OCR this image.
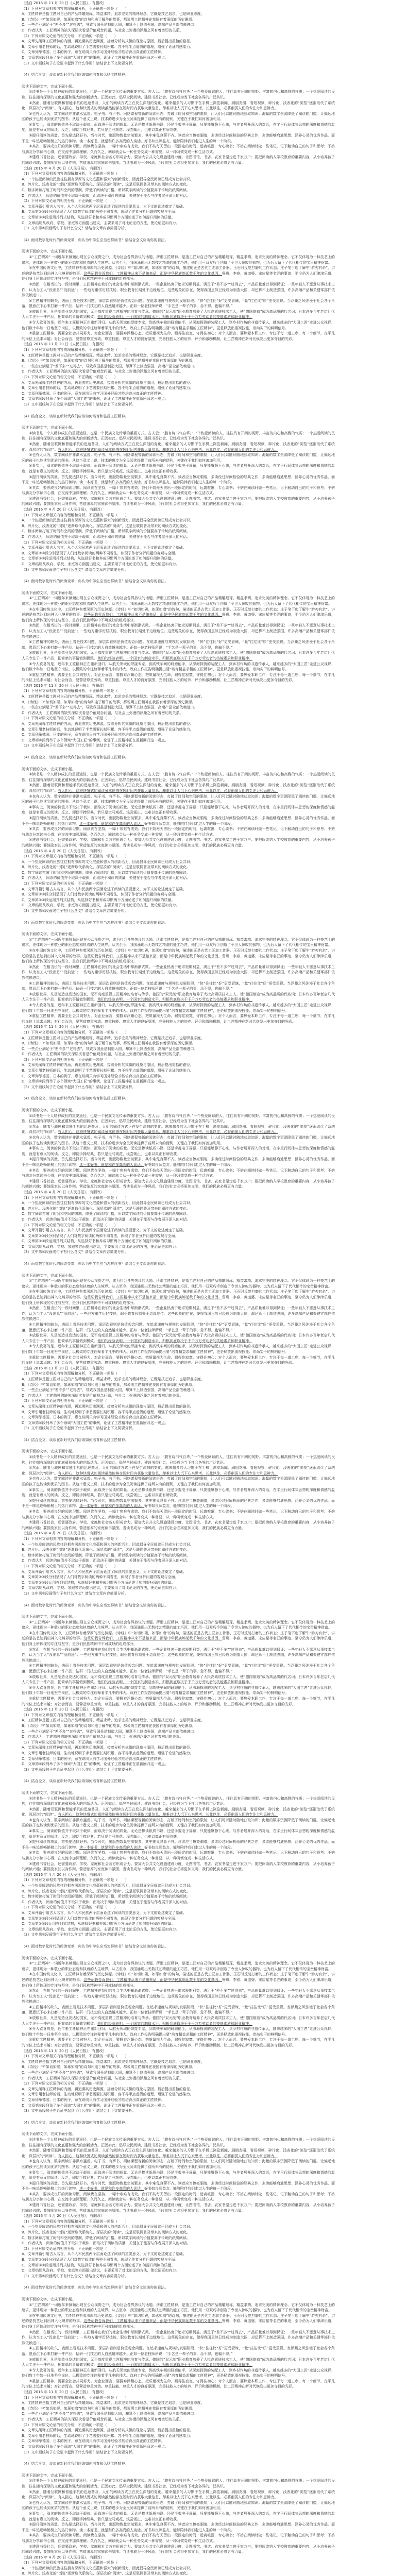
（选自 2016 年 11 月 20 日《人民日报》，有删改）

（1）下列对文章相关内容的理解和分析，不正确的一项是（　　）

A．工匠精神是指工匠对自己的产品精雕细琢、精益求精、追求完美的精神理念，它既是技艺追求，也是职业态度。

B．《诗经》中“如切如磋，如琢如磨”的诗句和庖丁解牛的故事，都说明工匠精神在我国有着深厚的历史渊源。

C．一些企业满足于“差不多”“过得去”，导致我国虽是制造大国，却算不上制造强国，高端产品全部依赖进口。

D．作者认为，工匠精神的缺失深层次看是价值观念问题，与社会上弥漫的浮躁之风有着密切的关系。

（2）下列对原文论证的相关分析，不正确的一项是（　　）

A．文章先阐释工匠精神的内涵，再追溯其历史渊源，接着分析其式微的现象与原因，最后提出重拾的路径。

B．文章引用老技师的话，生动地说明了手艺需要长期积累、容不得半点虚假的道理，增强了论证的感染力。

C．文章列举德国、日本的例子，意在说明只有学习国外经验才能培育出真正的工匠精神。

D．文章第⑥段列举了多个领域“大国工匠”的事例，论证了工匠精神正在重新回归这一观点。

（3）文中画线句子在论证中起到了什么作用？请结合上下文简要分析。

（4）结合全文，谈谈在新时代我们应该如何培育和弘扬工匠精神。

阅读下面的文字，完成下面小题。

①读书是一个人精神成长的重要途径，也是一个民族文化传承的重要方式。古人云：“腹有诗书气自华。”一个热爱阅读的人，往往具有开阔的视野、丰富的内心和高雅的气质；一个热爱阅读的民族，往往拥有深厚的文化底蕴和强大的创新活力。正因如此，倡导全民阅读、建设书香社会，已经成为当下社会各界的广泛共识。

②然而，随着互联网和智能手机的迅速普及，人们的阅读方式正在发生深刻的变化。越来越多的人习惯于在手机上浏览新闻、刷朋友圈、看短视频，碎片化、浅表化的“浏览”逐渐取代了系统化、深层次的“阅读”。有人担心，这种快餐式的阅读虽然能够在短时间内获取大量信息，却难以让人沉下心来思考，长此以往，必将削弱人们的专注力和思辨力。

③也有人认为，数字阅读并非洪水猛兽。电子书、有声书、网络课程等新的阅读形态，打破了时间和空间的限制，让人们可以随时随地获取知识；海量的数字资源降低了阅读的门槛，让偏远地区的孩子也能读到优质的图书。从这个意义上说，技术的进步为全民阅读提供了前所未有的便利，关键在于我们如何善加利用。

④事实上，阅读的价值并不取决于载体，而取决于阅读的质量。无论是捧读纸质书籍，还是手握电子屏幕，只要能够静下心来，与作者展开深入的对话，在字里行间体味思想的深度和情感的温度，就是有意义的阅读。反之，即便手捧经典，若只是走马观花、浅尝辄止，也难以真正有所收获。

⑤提升阅读的质量，首先要选择好书。当今时代，出版物数量空前繁多，其中难免良莠不齐。读者应当擦亮眼睛，多读经过时间检验的经典之作，多读能够启迪思想、涵养心灵的优秀作品，而不是一味追逐畅销榜上的热门读物。读一本好书，就是和许多高尚的人谈话。好书如良师益友，能够陪伴我们走过人生的每一个阶段。

⑥其次，要养成良好的阅读习惯。阅读贵在坚持，一曝十寒难有成效。我们不妨每天留出一段固定的时间，远离喧嚣，专心读书；不妨在阅读时做一些笔记，记下触动自己的句子和思考；不妨与朋友分享读书心得，在交流中加深理解。久而久之，阅读就会从一种任务变成一种需要，从一种习惯变成一种生活方式。

⑦建设书香社会，还需要政府、学校、家庭和社会各方形成合力。要加大公共文化设施建设力度，让图书馆、书店、农家书屋走进千家万户；要把阅读纳入学校教育的重要内容，从小培养孩子的阅读兴趣；要鼓励家长以身作则，营造浓厚的家庭读书氛围。当读书成为一种风尚，我们的社会必将更加文明，我们的民族必将更有力量。

（选自 2016 年 4 月 20 日《人民日报》，有删改）

（1）下列对文章相关内容的理解和分析，不正确的一项是（　　）

A．一个热爱阅读的民族往往拥有深厚的文化底蕴和强大的创新活力，因此倡导全民阅读已经成为社会共识。

B．碎片化、浅表化的“浏览”逐渐取代系统化、深层次的“阅读”，这是互联网普及带来的阅读方式的变化。

C．数字阅读打破了时间和空间的限制，降低了阅读的门槛，所以数字阅读的价值要高于传统的纸质阅读。

D．作者认为，阅读的价值并不取决于载体，而取决于阅读的质量，关键在于能否与作者展开深入的对话。

（2）下列对原文论证的相关分析，不正确的一项是（　　）

A．文章开篇引用古人名言，从个人和民族两个层面论述了阅读的重要意义，为下文的论述奠定了基础。

B．文章第②③段分别呈现了人们对数字阅读的两种不同看法，体现了作者分析问题的客观与全面。

C．文章第⑤⑥段运用并列式结构，从选择好书和养成习惯两个方面论述了如何提升阅读的质量。

D．文章结尾从政府、学校、家庭等方面提出建议，主要采用了对比论证的方法，使论证更加有力。

（3）文中第⑤段画线句子有什么含义？请结合文章内容简要分析。

（4）面对数字化时代的阅读变革，你认为中学生应当怎样读书？请结合全文谈谈你的看法。

阅读下面的文字，完成下面小题。

①“工匠精神”一词近年来频频出现在公众视野之中，成为社会各界热议的话题。所谓工匠精神，是指工匠对自己的产品精雕细琢、精益求精、追求完美的精神理念。它不仅体现为一种技艺上的追求，更体现为一种敬业的职业态度和执着的人生境界。从古至今，我国涌现出无数技艺精湛的能工巧匠，他们用一双双巧手创造了令世人惊叹的器物，也为后人留下了代代相传的宝贵精神财富。

②在中国传统文化中，工匠精神有着深厚的历史渊源。《诗经》中“如切如磋，如琢如磨”的诗句，描述的正是古代工匠加工骨器、玉石时反复打磨的工作状态；庄子笔下庖丁解牛“游刃有余”，讲述的是技艺达到出神入化境界的故事。这些记载告诉我们，工匠精神从来不是舶来品，而是中华民族绵延数千年的文化基因。鲁班、李春、黄道婆、宋应星等名匠的事迹，至今仍为人们津津乐道，他们身上所体现的专注与坚守，是我们民族精神中不可或缺的组成部分。

③然而，在相当长的一段时间里，工匠精神在我们的社会生活中却渐渐式微。一些企业热衷于追求短期利益，满足于“差不多”“过得去”，产品质量难以得到保证；一些年轻人不愿意从事技术工作，认为当工人“没出息”“没前途”；一些地方重学历轻技能，职业教育长期处于边缘地位。这些现象的存在，使得我国虽然已经成为制造大国，却还算不上制造强国，许多高端产品和关键零部件依然依赖进口。

④工匠精神的缺失，表面上看是技术问题，深层次看则是价值观念问题。在追求速度与规模的发展阶段，“快”往往比“好”更受青睐，“量”往往比“质”更受重视。当浮躁之风弥漫于社会各个角落，愿意沉下心来打磨一件产品、钻研一门技艺的人自然越来越少。正如一位老技师所说：“手艺是一辈子的事，急不得，也骗不得。”

⑤放眼世界，凡是制造业发达的国家，无不高度重视工匠精神的培育与传承。德国的“双元制”职业教育培养了大批高素质技术工人，使“德国制造”成为高品质的代名词；日本许多百年老店几代人只专注于一件产品，把简单的事情做到极致。他们的经验表明，一个国家的制造水平，归根到底取决于千千万万劳动者的技能素质和职业精神。

⑥令人欣喜的是，近年来工匠精神正在重新回归。从航天领域的焊接专家，到高铁车间的研磨能手，从深海探测的装配工人，到乡村作坊的非遗传承人，越来越多的“大国工匠”走进公众视野，他们数十年如一日地坚守岗位，以极致的专注诠释着平凡中的伟大。政府工作报告明确提出要“培育精益求精的工匠精神”，更是释放出重视技能、崇尚实干的鲜明信号。

⑦重拾工匠精神，需要全社会共同努力。对企业而言，要摒弃浮躁心态，把质量视为生命，耐得住寂寞，守得住初心；对个人而言，要热爱本职工作，专注于每一道工序、每一个细节，在平凡的岗位上追求卓越；对社会而言，要营造尊重劳动、尊重技能、尊重人才的良好氛围，完善技能人才的培养、评价和激励机制，让工匠精神在新时代焕发出更加夺目的光彩。

（选自 2016 年 11 月 20 日《人民日报》，有删改）

（1）下列对文章相关内容的理解和分析，不正确的一项是（　　）

A．工匠精神是指工匠对自己的产品精雕细琢、精益求精、追求完美的精神理念，它既是技艺追求，也是职业态度。

B．《诗经》中“如切如磋，如琢如磨”的诗句和庖丁解牛的故事，都说明工匠精神在我国有着深厚的历史渊源。

C．一些企业满足于“差不多”“过得去”，导致我国虽是制造大国，却算不上制造强国，高端产品全部依赖进口。

D．作者认为，工匠精神的缺失深层次看是价值观念问题，与社会上弥漫的浮躁之风有着密切的关系。

（2）下列对原文论证的相关分析，不正确的一项是（　　）

A．文章先阐释工匠精神的内涵，再追溯其历史渊源，接着分析其式微的现象与原因，最后提出重拾的路径。

B．文章引用老技师的话，生动地说明了手艺需要长期积累、容不得半点虚假的道理，增强了论证的感染力。

C．文章列举德国、日本的例子，意在说明只有学习国外经验才能培育出真正的工匠精神。

D．文章第⑥段列举了多个领域“大国工匠”的事例，论证了工匠精神正在重新回归这一观点。

（3）文中画线句子在论证中起到了什么作用？请结合上下文简要分析。

（4）结合全文，谈谈在新时代我们应该如何培育和弘扬工匠精神。

阅读下面的文字，完成下面小题。

①读书是一个人精神成长的重要途径，也是一个民族文化传承的重要方式。古人云：“腹有诗书气自华。”一个热爱阅读的人，往往具有开阔的视野、丰富的内心和高雅的气质；一个热爱阅读的民族，往往拥有深厚的文化底蕴和强大的创新活力。正因如此，倡导全民阅读、建设书香社会，已经成为当下社会各界的广泛共识。

②然而，随着互联网和智能手机的迅速普及，人们的阅读方式正在发生深刻的变化。越来越多的人习惯于在手机上浏览新闻、刷朋友圈、看短视频，碎片化、浅表化的“浏览”逐渐取代了系统化、深层次的“阅读”。有人担心，这种快餐式的阅读虽然能够在短时间内获取大量信息，却难以让人沉下心来思考，长此以往，必将削弱人们的专注力和思辨力。

③也有人认为，数字阅读并非洪水猛兽。电子书、有声书、网络课程等新的阅读形态，打破了时间和空间的限制，让人们可以随时随地获取知识；海量的数字资源降低了阅读的门槛，让偏远地区的孩子也能读到优质的图书。从这个意义上说，技术的进步为全民阅读提供了前所未有的便利，关键在于我们如何善加利用。

④事实上，阅读的价值并不取决于载体，而取决于阅读的质量。无论是捧读纸质书籍，还是手握电子屏幕，只要能够静下心来，与作者展开深入的对话，在字里行间体味思想的深度和情感的温度，就是有意义的阅读。反之，即便手捧经典，若只是走马观花、浅尝辄止，也难以真正有所收获。

⑤提升阅读的质量，首先要选择好书。当今时代，出版物数量空前繁多，其中难免良莠不齐。读者应当擦亮眼睛，多读经过时间检验的经典之作，多读能够启迪思想、涵养心灵的优秀作品，而不是一味追逐畅销榜上的热门读物。读一本好书，就是和许多高尚的人谈话。好书如良师益友，能够陪伴我们走过人生的每一个阶段。

⑥其次，要养成良好的阅读习惯。阅读贵在坚持，一曝十寒难有成效。我们不妨每天留出一段固定的时间，远离喧嚣，专心读书；不妨在阅读时做一些笔记，记下触动自己的句子和思考；不妨与朋友分享读书心得，在交流中加深理解。久而久之，阅读就会从一种任务变成一种需要，从一种习惯变成一种生活方式。

⑦建设书香社会，还需要政府、学校、家庭和社会各方形成合力。要加大公共文化设施建设力度，让图书馆、书店、农家书屋走进千家万户；要把阅读纳入学校教育的重要内容，从小培养孩子的阅读兴趣；要鼓励家长以身作则，营造浓厚的家庭读书氛围。当读书成为一种风尚，我们的社会必将更加文明，我们的民族必将更有力量。

（选自 2016 年 4 月 20 日《人民日报》，有删改）

（1）下列对文章相关内容的理解和分析，不正确的一项是（　　）

A．一个热爱阅读的民族往往拥有深厚的文化底蕴和强大的创新活力，因此倡导全民阅读已经成为社会共识。

B．碎片化、浅表化的“浏览”逐渐取代系统化、深层次的“阅读”，这是互联网普及带来的阅读方式的变化。

C．数字阅读打破了时间和空间的限制，降低了阅读的门槛，所以数字阅读的价值要高于传统的纸质阅读。

D．作者认为，阅读的价值并不取决于载体，而取决于阅读的质量，关键在于能否与作者展开深入的对话。

（2）下列对原文论证的相关分析，不正确的一项是（　　）

A．文章开篇引用古人名言，从个人和民族两个层面论述了阅读的重要意义，为下文的论述奠定了基础。

B．文章第②③段分别呈现了人们对数字阅读的两种不同看法，体现了作者分析问题的客观与全面。

C．文章第⑤⑥段运用并列式结构，从选择好书和养成习惯两个方面论述了如何提升阅读的质量。

D．文章结尾从政府、学校、家庭等方面提出建议，主要采用了对比论证的方法，使论证更加有力。

（3）文中第⑤段画线句子有什么含义？请结合文章内容简要分析。

（4）面对数字化时代的阅读变革，你认为中学生应当怎样读书？请结合全文谈谈你的看法。

阅读下面的文字，完成下面小题。

①“工匠精神”一词近年来频频出现在公众视野之中，成为社会各界热议的话题。所谓工匠精神，是指工匠对自己的产品精雕细琢、精益求精、追求完美的精神理念。它不仅体现为一种技艺上的追求，更体现为一种敬业的职业态度和执着的人生境界。从古至今，我国涌现出无数技艺精湛的能工巧匠，他们用一双双巧手创造了令世人惊叹的器物，也为后人留下了代代相传的宝贵精神财富。

②在中国传统文化中，工匠精神有着深厚的历史渊源。《诗经》中“如切如磋，如琢如磨”的诗句，描述的正是古代工匠加工骨器、玉石时反复打磨的工作状态；庄子笔下庖丁解牛“游刃有余”，讲述的是技艺达到出神入化境界的故事。这些记载告诉我们，工匠精神从来不是舶来品，而是中华民族绵延数千年的文化基因。鲁班、李春、黄道婆、宋应星等名匠的事迹，至今仍为人们津津乐道，他们身上所体现的专注与坚守，是我们民族精神中不可或缺的组成部分。

③然而，在相当长的一段时间里，工匠精神在我们的社会生活中却渐渐式微。一些企业热衷于追求短期利益，满足于“差不多”“过得去”，产品质量难以得到保证；一些年轻人不愿意从事技术工作，认为当工人“没出息”“没前途”；一些地方重学历轻技能，职业教育长期处于边缘地位。这些现象的存在，使得我国虽然已经成为制造大国，却还算不上制造强国，许多高端产品和关键零部件依然依赖进口。

④工匠精神的缺失，表面上看是技术问题，深层次看则是价值观念问题。在追求速度与规模的发展阶段，“快”往往比“好”更受青睐，“量”往往比“质”更受重视。当浮躁之风弥漫于社会各个角落，愿意沉下心来打磨一件产品、钻研一门技艺的人自然越来越少。正如一位老技师所说：“手艺是一辈子的事，急不得，也骗不得。”

⑤放眼世界，凡是制造业发达的国家，无不高度重视工匠精神的培育与传承。德国的“双元制”职业教育培养了大批高素质技术工人，使“德国制造”成为高品质的代名词；日本许多百年老店几代人只专注于一件产品，把简单的事情做到极致。他们的经验表明，一个国家的制造水平，归根到底取决于千千万万劳动者的技能素质和职业精神。

⑥令人欣喜的是，近年来工匠精神正在重新回归。从航天领域的焊接专家，到高铁车间的研磨能手，从深海探测的装配工人，到乡村作坊的非遗传承人，越来越多的“大国工匠”走进公众视野，他们数十年如一日地坚守岗位，以极致的专注诠释着平凡中的伟大。政府工作报告明确提出要“培育精益求精的工匠精神”，更是释放出重视技能、崇尚实干的鲜明信号。

⑦重拾工匠精神，需要全社会共同努力。对企业而言，要摒弃浮躁心态，把质量视为生命，耐得住寂寞，守得住初心；对个人而言，要热爱本职工作，专注于每一道工序、每一个细节，在平凡的岗位上追求卓越；对社会而言，要营造尊重劳动、尊重技能、尊重人才的良好氛围，完善技能人才的培养、评价和激励机制，让工匠精神在新时代焕发出更加夺目的光彩。

（选自 2016 年 11 月 20 日《人民日报》，有删改）

（1）下列对文章相关内容的理解和分析，不正确的一项是（　　）

A．工匠精神是指工匠对自己的产品精雕细琢、精益求精、追求完美的精神理念，它既是技艺追求，也是职业态度。

B．《诗经》中“如切如磋，如琢如磨”的诗句和庖丁解牛的故事，都说明工匠精神在我国有着深厚的历史渊源。

C．一些企业满足于“差不多”“过得去”，导致我国虽是制造大国，却算不上制造强国，高端产品全部依赖进口。

D．作者认为，工匠精神的缺失深层次看是价值观念问题，与社会上弥漫的浮躁之风有着密切的关系。

（2）下列对原文论证的相关分析，不正确的一项是（　　）

A．文章先阐释工匠精神的内涵，再追溯其历史渊源，接着分析其式微的现象与原因，最后提出重拾的路径。

B．文章引用老技师的话，生动地说明了手艺需要长期积累、容不得半点虚假的道理，增强了论证的感染力。

C．文章列举德国、日本的例子，意在说明只有学习国外经验才能培育出真正的工匠精神。

D．文章第⑥段列举了多个领域“大国工匠”的事例，论证了工匠精神正在重新回归这一观点。

（3）文中画线句子在论证中起到了什么作用？请结合上下文简要分析。

（4）结合全文，谈谈在新时代我们应该如何培育和弘扬工匠精神。

阅读下面的文字，完成下面小题。

①读书是一个人精神成长的重要途径，也是一个民族文化传承的重要方式。古人云：“腹有诗书气自华。”一个热爱阅读的人，往往具有开阔的视野、丰富的内心和高雅的气质；一个热爱阅读的民族，往往拥有深厚的文化底蕴和强大的创新活力。正因如此，倡导全民阅读、建设书香社会，已经成为当下社会各界的广泛共识。

②然而，随着互联网和智能手机的迅速普及，人们的阅读方式正在发生深刻的变化。越来越多的人习惯于在手机上浏览新闻、刷朋友圈、看短视频，碎片化、浅表化的“浏览”逐渐取代了系统化、深层次的“阅读”。有人担心，这种快餐式的阅读虽然能够在短时间内获取大量信息，却难以让人沉下心来思考，长此以往，必将削弱人们的专注力和思辨力。

③也有人认为，数字阅读并非洪水猛兽。电子书、有声书、网络课程等新的阅读形态，打破了时间和空间的限制，让人们可以随时随地获取知识；海量的数字资源降低了阅读的门槛，让偏远地区的孩子也能读到优质的图书。从这个意义上说，技术的进步为全民阅读提供了前所未有的便利，关键在于我们如何善加利用。

④事实上，阅读的价值并不取决于载体，而取决于阅读的质量。无论是捧读纸质书籍，还是手握电子屏幕，只要能够静下心来，与作者展开深入的对话，在字里行间体味思想的深度和情感的温度，就是有意义的阅读。反之，即便手捧经典，若只是走马观花、浅尝辄止，也难以真正有所收获。

⑤提升阅读的质量，首先要选择好书。当今时代，出版物数量空前繁多，其中难免良莠不齐。读者应当擦亮眼睛，多读经过时间检验的经典之作，多读能够启迪思想、涵养心灵的优秀作品，而不是一味追逐畅销榜上的热门读物。读一本好书，就是和许多高尚的人谈话。好书如良师益友，能够陪伴我们走过人生的每一个阶段。

⑥其次，要养成良好的阅读习惯。阅读贵在坚持，一曝十寒难有成效。我们不妨每天留出一段固定的时间，远离喧嚣，专心读书；不妨在阅读时做一些笔记，记下触动自己的句子和思考；不妨与朋友分享读书心得，在交流中加深理解。久而久之，阅读就会从一种任务变成一种需要，从一种习惯变成一种生活方式。

⑦建设书香社会，还需要政府、学校、家庭和社会各方形成合力。要加大公共文化设施建设力度，让图书馆、书店、农家书屋走进千家万户；要把阅读纳入学校教育的重要内容，从小培养孩子的阅读兴趣；要鼓励家长以身作则，营造浓厚的家庭读书氛围。当读书成为一种风尚，我们的社会必将更加文明，我们的民族必将更有力量。

（选自 2016 年 4 月 20 日《人民日报》，有删改）

（1）下列对文章相关内容的理解和分析，不正确的一项是（　　）

A．一个热爱阅读的民族往往拥有深厚的文化底蕴和强大的创新活力，因此倡导全民阅读已经成为社会共识。

B．碎片化、浅表化的“浏览”逐渐取代系统化、深层次的“阅读”，这是互联网普及带来的阅读方式的变化。

C．数字阅读打破了时间和空间的限制，降低了阅读的门槛，所以数字阅读的价值要高于传统的纸质阅读。

D．作者认为，阅读的价值并不取决于载体，而取决于阅读的质量，关键在于能否与作者展开深入的对话。

（2）下列对原文论证的相关分析，不正确的一项是（　　）

A．文章开篇引用古人名言，从个人和民族两个层面论述了阅读的重要意义，为下文的论述奠定了基础。

B．文章第②③段分别呈现了人们对数字阅读的两种不同看法，体现了作者分析问题的客观与全面。

C．文章第⑤⑥段运用并列式结构，从选择好书和养成习惯两个方面论述了如何提升阅读的质量。

D．文章结尾从政府、学校、家庭等方面提出建议，主要采用了对比论证的方法，使论证更加有力。

（3）文中第⑤段画线句子有什么含义？请结合文章内容简要分析。

（4）面对数字化时代的阅读变革，你认为中学生应当怎样读书？请结合全文谈谈你的看法。

阅读下面的文字，完成下面小题。

①“工匠精神”一词近年来频频出现在公众视野之中，成为社会各界热议的话题。所谓工匠精神，是指工匠对自己的产品精雕细琢、精益求精、追求完美的精神理念。它不仅体现为一种技艺上的追求，更体现为一种敬业的职业态度和执着的人生境界。从古至今，我国涌现出无数技艺精湛的能工巧匠，他们用一双双巧手创造了令世人惊叹的器物，也为后人留下了代代相传的宝贵精神财富。

②在中国传统文化中，工匠精神有着深厚的历史渊源。《诗经》中“如切如磋，如琢如磨”的诗句，描述的正是古代工匠加工骨器、玉石时反复打磨的工作状态；庄子笔下庖丁解牛“游刃有余”，讲述的是技艺达到出神入化境界的故事。这些记载告诉我们，工匠精神从来不是舶来品，而是中华民族绵延数千年的文化基因。鲁班、李春、黄道婆、宋应星等名匠的事迹，至今仍为人们津津乐道，他们身上所体现的专注与坚守，是我们民族精神中不可或缺的组成部分。

③然而，在相当长的一段时间里，工匠精神在我们的社会生活中却渐渐式微。一些企业热衷于追求短期利益，满足于“差不多”“过得去”，产品质量难以得到保证；一些年轻人不愿意从事技术工作，认为当工人“没出息”“没前途”；一些地方重学历轻技能，职业教育长期处于边缘地位。这些现象的存在，使得我国虽然已经成为制造大国，却还算不上制造强国，许多高端产品和关键零部件依然依赖进口。

④工匠精神的缺失，表面上看是技术问题，深层次看则是价值观念问题。在追求速度与规模的发展阶段，“快”往往比“好”更受青睐，“量”往往比“质”更受重视。当浮躁之风弥漫于社会各个角落，愿意沉下心来打磨一件产品、钻研一门技艺的人自然越来越少。正如一位老技师所说：“手艺是一辈子的事，急不得，也骗不得。”

⑤放眼世界，凡是制造业发达的国家，无不高度重视工匠精神的培育与传承。德国的“双元制”职业教育培养了大批高素质技术工人，使“德国制造”成为高品质的代名词；日本许多百年老店几代人只专注于一件产品，把简单的事情做到极致。他们的经验表明，一个国家的制造水平，归根到底取决于千千万万劳动者的技能素质和职业精神。

⑥令人欣喜的是，近年来工匠精神正在重新回归。从航天领域的焊接专家，到高铁车间的研磨能手，从深海探测的装配工人，到乡村作坊的非遗传承人，越来越多的“大国工匠”走进公众视野，他们数十年如一日地坚守岗位，以极致的专注诠释着平凡中的伟大。政府工作报告明确提出要“培育精益求精的工匠精神”，更是释放出重视技能、崇尚实干的鲜明信号。

⑦重拾工匠精神，需要全社会共同努力。对企业而言，要摒弃浮躁心态，把质量视为生命，耐得住寂寞，守得住初心；对个人而言，要热爱本职工作，专注于每一道工序、每一个细节，在平凡的岗位上追求卓越；对社会而言，要营造尊重劳动、尊重技能、尊重人才的良好氛围，完善技能人才的培养、评价和激励机制，让工匠精神在新时代焕发出更加夺目的光彩。

（选自 2016 年 11 月 20 日《人民日报》，有删改）

（1）下列对文章相关内容的理解和分析，不正确的一项是（　　）

A．工匠精神是指工匠对自己的产品精雕细琢、精益求精、追求完美的精神理念，它既是技艺追求，也是职业态度。

B．《诗经》中“如切如磋，如琢如磨”的诗句和庖丁解牛的故事，都说明工匠精神在我国有着深厚的历史渊源。

C．一些企业满足于“差不多”“过得去”，导致我国虽是制造大国，却算不上制造强国，高端产品全部依赖进口。

D．作者认为，工匠精神的缺失深层次看是价值观念问题，与社会上弥漫的浮躁之风有着密切的关系。

（2）下列对原文论证的相关分析，不正确的一项是（　　）

A．文章先阐释工匠精神的内涵，再追溯其历史渊源，接着分析其式微的现象与原因，最后提出重拾的路径。

B．文章引用老技师的话，生动地说明了手艺需要长期积累、容不得半点虚假的道理，增强了论证的感染力。

C．文章列举德国、日本的例子，意在说明只有学习国外经验才能培育出真正的工匠精神。

D．文章第⑥段列举了多个领域“大国工匠”的事例，论证了工匠精神正在重新回归这一观点。

（3）文中画线句子在论证中起到了什么作用？请结合上下文简要分析。

（4）结合全文，谈谈在新时代我们应该如何培育和弘扬工匠精神。

阅读下面的文字，完成下面小题。

①读书是一个人精神成长的重要途径，也是一个民族文化传承的重要方式。古人云：“腹有诗书气自华。”一个热爱阅读的人，往往具有开阔的视野、丰富的内心和高雅的气质；一个热爱阅读的民族，往往拥有深厚的文化底蕴和强大的创新活力。正因如此，倡导全民阅读、建设书香社会，已经成为当下社会各界的广泛共识。

②然而，随着互联网和智能手机的迅速普及，人们的阅读方式正在发生深刻的变化。越来越多的人习惯于在手机上浏览新闻、刷朋友圈、看短视频，碎片化、浅表化的“浏览”逐渐取代了系统化、深层次的“阅读”。有人担心，这种快餐式的阅读虽然能够在短时间内获取大量信息，却难以让人沉下心来思考，长此以往，必将削弱人们的专注力和思辨力。

③也有人认为，数字阅读并非洪水猛兽。电子书、有声书、网络课程等新的阅读形态，打破了时间和空间的限制，让人们可以随时随地获取知识；海量的数字资源降低了阅读的门槛，让偏远地区的孩子也能读到优质的图书。从这个意义上说，技术的进步为全民阅读提供了前所未有的便利，关键在于我们如何善加利用。

④事实上，阅读的价值并不取决于载体，而取决于阅读的质量。无论是捧读纸质书籍，还是手握电子屏幕，只要能够静下心来，与作者展开深入的对话，在字里行间体味思想的深度和情感的温度，就是有意义的阅读。反之，即便手捧经典，若只是走马观花、浅尝辄止，也难以真正有所收获。

⑤提升阅读的质量，首先要选择好书。当今时代，出版物数量空前繁多，其中难免良莠不齐。读者应当擦亮眼睛，多读经过时间检验的经典之作，多读能够启迪思想、涵养心灵的优秀作品，而不是一味追逐畅销榜上的热门读物。读一本好书，就是和许多高尚的人谈话。好书如良师益友，能够陪伴我们走过人生的每一个阶段。

⑥其次，要养成良好的阅读习惯。阅读贵在坚持，一曝十寒难有成效。我们不妨每天留出一段固定的时间，远离喧嚣，专心读书；不妨在阅读时做一些笔记，记下触动自己的句子和思考；不妨与朋友分享读书心得，在交流中加深理解。久而久之，阅读就会从一种任务变成一种需要，从一种习惯变成一种生活方式。

⑦建设书香社会，还需要政府、学校、家庭和社会各方形成合力。要加大公共文化设施建设力度，让图书馆、书店、农家书屋走进千家万户；要把阅读纳入学校教育的重要内容，从小培养孩子的阅读兴趣；要鼓励家长以身作则，营造浓厚的家庭读书氛围。当读书成为一种风尚，我们的社会必将更加文明，我们的民族必将更有力量。

（选自 2016 年 4 月 20 日《人民日报》，有删改）

（1）下列对文章相关内容的理解和分析，不正确的一项是（　　）

A．一个热爱阅读的民族往往拥有深厚的文化底蕴和强大的创新活力，因此倡导全民阅读已经成为社会共识。

B．碎片化、浅表化的“浏览”逐渐取代系统化、深层次的“阅读”，这是互联网普及带来的阅读方式的变化。

C．数字阅读打破了时间和空间的限制，降低了阅读的门槛，所以数字阅读的价值要高于传统的纸质阅读。

D．作者认为，阅读的价值并不取决于载体，而取决于阅读的质量，关键在于能否与作者展开深入的对话。

（2）下列对原文论证的相关分析，不正确的一项是（　　）

A．文章开篇引用古人名言，从个人和民族两个层面论述了阅读的重要意义，为下文的论述奠定了基础。

B．文章第②③段分别呈现了人们对数字阅读的两种不同看法，体现了作者分析问题的客观与全面。

C．文章第⑤⑥段运用并列式结构，从选择好书和养成习惯两个方面论述了如何提升阅读的质量。

D．文章结尾从政府、学校、家庭等方面提出建议，主要采用了对比论证的方法，使论证更加有力。

（3）文中第⑤段画线句子有什么含义？请结合文章内容简要分析。

（4）面对数字化时代的阅读变革，你认为中学生应当怎样读书？请结合全文谈谈你的看法。

阅读下面的文字，完成下面小题。

①“工匠精神”一词近年来频频出现在公众视野之中，成为社会各界热议的话题。所谓工匠精神，是指工匠对自己的产品精雕细琢、精益求精、追求完美的精神理念。它不仅体现为一种技艺上的追求，更体现为一种敬业的职业态度和执着的人生境界。从古至今，我国涌现出无数技艺精湛的能工巧匠，他们用一双双巧手创造了令世人惊叹的器物，也为后人留下了代代相传的宝贵精神财富。

②在中国传统文化中，工匠精神有着深厚的历史渊源。《诗经》中“如切如磋，如琢如磨”的诗句，描述的正是古代工匠加工骨器、玉石时反复打磨的工作状态；庄子笔下庖丁解牛“游刃有余”，讲述的是技艺达到出神入化境界的故事。这些记载告诉我们，工匠精神从来不是舶来品，而是中华民族绵延数千年的文化基因。鲁班、李春、黄道婆、宋应星等名匠的事迹，至今仍为人们津津乐道，他们身上所体现的专注与坚守，是我们民族精神中不可或缺的组成部分。

③然而，在相当长的一段时间里，工匠精神在我们的社会生活中却渐渐式微。一些企业热衷于追求短期利益，满足于“差不多”“过得去”，产品质量难以得到保证；一些年轻人不愿意从事技术工作，认为当工人“没出息”“没前途”；一些地方重学历轻技能，职业教育长期处于边缘地位。这些现象的存在，使得我国虽然已经成为制造大国，却还算不上制造强国，许多高端产品和关键零部件依然依赖进口。

④工匠精神的缺失，表面上看是技术问题，深层次看则是价值观念问题。在追求速度与规模的发展阶段，“快”往往比“好”更受青睐，“量”往往比“质”更受重视。当浮躁之风弥漫于社会各个角落，愿意沉下心来打磨一件产品、钻研一门技艺的人自然越来越少。正如一位老技师所说：“手艺是一辈子的事，急不得，也骗不得。”

⑤放眼世界，凡是制造业发达的国家，无不高度重视工匠精神的培育与传承。德国的“双元制”职业教育培养了大批高素质技术工人，使“德国制造”成为高品质的代名词；日本许多百年老店几代人只专注于一件产品，把简单的事情做到极致。他们的经验表明，一个国家的制造水平，归根到底取决于千千万万劳动者的技能素质和职业精神。

⑥令人欣喜的是，近年来工匠精神正在重新回归。从航天领域的焊接专家，到高铁车间的研磨能手，从深海探测的装配工人，到乡村作坊的非遗传承人，越来越多的“大国工匠”走进公众视野，他们数十年如一日地坚守岗位，以极致的专注诠释着平凡中的伟大。政府工作报告明确提出要“培育精益求精的工匠精神”，更是释放出重视技能、崇尚实干的鲜明信号。

⑦重拾工匠精神，需要全社会共同努力。对企业而言，要摒弃浮躁心态，把质量视为生命，耐得住寂寞，守得住初心；对个人而言，要热爱本职工作，专注于每一道工序、每一个细节，在平凡的岗位上追求卓越；对社会而言，要营造尊重劳动、尊重技能、尊重人才的良好氛围，完善技能人才的培养、评价和激励机制，让工匠精神在新时代焕发出更加夺目的光彩。

（选自 2016 年 11 月 20 日《人民日报》，有删改）

（1）下列对文章相关内容的理解和分析，不正确的一项是（　　）

A．工匠精神是指工匠对自己的产品精雕细琢、精益求精、追求完美的精神理念，它既是技艺追求，也是职业态度。

B．《诗经》中“如切如磋，如琢如磨”的诗句和庖丁解牛的故事，都说明工匠精神在我国有着深厚的历史渊源。

C．一些企业满足于“差不多”“过得去”，导致我国虽是制造大国，却算不上制造强国，高端产品全部依赖进口。

D．作者认为，工匠精神的缺失深层次看是价值观念问题，与社会上弥漫的浮躁之风有着密切的关系。

（2）下列对原文论证的相关分析，不正确的一项是（　　）

A．文章先阐释工匠精神的内涵，再追溯其历史渊源，接着分析其式微的现象与原因，最后提出重拾的路径。

B．文章引用老技师的话，生动地说明了手艺需要长期积累、容不得半点虚假的道理，增强了论证的感染力。

C．文章列举德国、日本的例子，意在说明只有学习国外经验才能培育出真正的工匠精神。

D．文章第⑥段列举了多个领域“大国工匠”的事例，论证了工匠精神正在重新回归这一观点。

（3）文中画线句子在论证中起到了什么作用？请结合上下文简要分析。

（4）结合全文，谈谈在新时代我们应该如何培育和弘扬工匠精神。

阅读下面的文字，完成下面小题。

①读书是一个人精神成长的重要途径，也是一个民族文化传承的重要方式。古人云：“腹有诗书气自华。”一个热爱阅读的人，往往具有开阔的视野、丰富的内心和高雅的气质；一个热爱阅读的民族，往往拥有深厚的文化底蕴和强大的创新活力。正因如此，倡导全民阅读、建设书香社会，已经成为当下社会各界的广泛共识。

②然而，随着互联网和智能手机的迅速普及，人们的阅读方式正在发生深刻的变化。越来越多的人习惯于在手机上浏览新闻、刷朋友圈、看短视频，碎片化、浅表化的“浏览”逐渐取代了系统化、深层次的“阅读”。有人担心，这种快餐式的阅读虽然能够在短时间内获取大量信息，却难以让人沉下心来思考，长此以往，必将削弱人们的专注力和思辨力。

③也有人认为，数字阅读并非洪水猛兽。电子书、有声书、网络课程等新的阅读形态，打破了时间和空间的限制，让人们可以随时随地获取知识；海量的数字资源降低了阅读的门槛，让偏远地区的孩子也能读到优质的图书。从这个意义上说，技术的进步为全民阅读提供了前所未有的便利，关键在于我们如何善加利用。

④事实上，阅读的价值并不取决于载体，而取决于阅读的质量。无论是捧读纸质书籍，还是手握电子屏幕，只要能够静下心来，与作者展开深入的对话，在字里行间体味思想的深度和情感的温度，就是有意义的阅读。反之，即便手捧经典，若只是走马观花、浅尝辄止，也难以真正有所收获。

⑤提升阅读的质量，首先要选择好书。当今时代，出版物数量空前繁多，其中难免良莠不齐。读者应当擦亮眼睛，多读经过时间检验的经典之作，多读能够启迪思想、涵养心灵的优秀作品，而不是一味追逐畅销榜上的热门读物。读一本好书，就是和许多高尚的人谈话。好书如良师益友，能够陪伴我们走过人生的每一个阶段。

⑥其次，要养成良好的阅读习惯。阅读贵在坚持，一曝十寒难有成效。我们不妨每天留出一段固定的时间，远离喧嚣，专心读书；不妨在阅读时做一些笔记，记下触动自己的句子和思考；不妨与朋友分享读书心得，在交流中加深理解。久而久之，阅读就会从一种任务变成一种需要，从一种习惯变成一种生活方式。

⑦建设书香社会，还需要政府、学校、家庭和社会各方形成合力。要加大公共文化设施建设力度，让图书馆、书店、农家书屋走进千家万户；要把阅读纳入学校教育的重要内容，从小培养孩子的阅读兴趣；要鼓励家长以身作则，营造浓厚的家庭读书氛围。当读书成为一种风尚，我们的社会必将更加文明，我们的民族必将更有力量。

（选自 2016 年 4 月 20 日《人民日报》，有删改）

（1）下列对文章相关内容的理解和分析，不正确的一项是（　　）

A．一个热爱阅读的民族往往拥有深厚的文化底蕴和强大的创新活力，因此倡导全民阅读已经成为社会共识。

B．碎片化、浅表化的“浏览”逐渐取代系统化、深层次的“阅读”，这是互联网普及带来的阅读方式的变化。

C．数字阅读打破了时间和空间的限制，降低了阅读的门槛，所以数字阅读的价值要高于传统的纸质阅读。

D．作者认为，阅读的价值并不取决于载体，而取决于阅读的质量，关键在于能否与作者展开深入的对话。

（2）下列对原文论证的相关分析，不正确的一项是（　　）

A．文章开篇引用古人名言，从个人和民族两个层面论述了阅读的重要意义，为下文的论述奠定了基础。

B．文章第②③段分别呈现了人们对数字阅读的两种不同看法，体现了作者分析问题的客观与全面。

C．文章第⑤⑥段运用并列式结构，从选择好书和养成习惯两个方面论述了如何提升阅读的质量。

D．文章结尾从政府、学校、家庭等方面提出建议，主要采用了对比论证的方法，使论证更加有力。

（3）文中第⑤段画线句子有什么含义？请结合文章内容简要分析。

（4）面对数字化时代的阅读变革，你认为中学生应当怎样读书？请结合全文谈谈你的看法。

阅读下面的文字，完成下面小题。

①“工匠精神”一词近年来频频出现在公众视野之中，成为社会各界热议的话题。所谓工匠精神，是指工匠对自己的产品精雕细琢、精益求精、追求完美的精神理念。它不仅体现为一种技艺上的追求，更体现为一种敬业的职业态度和执着的人生境界。从古至今，我国涌现出无数技艺精湛的能工巧匠，他们用一双双巧手创造了令世人惊叹的器物，也为后人留下了代代相传的宝贵精神财富。

②在中国传统文化中，工匠精神有着深厚的历史渊源。《诗经》中“如切如磋，如琢如磨”的诗句，描述的正是古代工匠加工骨器、玉石时反复打磨的工作状态；庄子笔下庖丁解牛“游刃有余”，讲述的是技艺达到出神入化境界的故事。这些记载告诉我们，工匠精神从来不是舶来品，而是中华民族绵延数千年的文化基因。鲁班、李春、黄道婆、宋应星等名匠的事迹，至今仍为人们津津乐道，他们身上所体现的专注与坚守，是我们民族精神中不可或缺的组成部分。

③然而，在相当长的一段时间里，工匠精神在我们的社会生活中却渐渐式微。一些企业热衷于追求短期利益，满足于“差不多”“过得去”，产品质量难以得到保证；一些年轻人不愿意从事技术工作，认为当工人“没出息”“没前途”；一些地方重学历轻技能，职业教育长期处于边缘地位。这些现象的存在，使得我国虽然已经成为制造大国，却还算不上制造强国，许多高端产品和关键零部件依然依赖进口。

④工匠精神的缺失，表面上看是技术问题，深层次看则是价值观念问题。在追求速度与规模的发展阶段，“快”往往比“好”更受青睐，“量”往往比“质”更受重视。当浮躁之风弥漫于社会各个角落，愿意沉下心来打磨一件产品、钻研一门技艺的人自然越来越少。正如一位老技师所说：“手艺是一辈子的事，急不得，也骗不得。”

⑤放眼世界，凡是制造业发达的国家，无不高度重视工匠精神的培育与传承。德国的“双元制”职业教育培养了大批高素质技术工人，使“德国制造”成为高品质的代名词；日本许多百年老店几代人只专注于一件产品，把简单的事情做到极致。他们的经验表明，一个国家的制造水平，归根到底取决于千千万万劳动者的技能素质和职业精神。

⑥令人欣喜的是，近年来工匠精神正在重新回归。从航天领域的焊接专家，到高铁车间的研磨能手，从深海探测的装配工人，到乡村作坊的非遗传承人，越来越多的“大国工匠”走进公众视野，他们数十年如一日地坚守岗位，以极致的专注诠释着平凡中的伟大。政府工作报告明确提出要“培育精益求精的工匠精神”，更是释放出重视技能、崇尚实干的鲜明信号。

⑦重拾工匠精神，需要全社会共同努力。对企业而言，要摒弃浮躁心态，把质量视为生命，耐得住寂寞，守得住初心；对个人而言，要热爱本职工作，专注于每一道工序、每一个细节，在平凡的岗位上追求卓越；对社会而言，要营造尊重劳动、尊重技能、尊重人才的良好氛围，完善技能人才的培养、评价和激励机制，让工匠精神在新时代焕发出更加夺目的光彩。

（选自 2016 年 11 月 20 日《人民日报》，有删改）

（1）下列对文章相关内容的理解和分析，不正确的一项是（　　）

A．工匠精神是指工匠对自己的产品精雕细琢、精益求精、追求完美的精神理念，它既是技艺追求，也是职业态度。

B．《诗经》中“如切如磋，如琢如磨”的诗句和庖丁解牛的故事，都说明工匠精神在我国有着深厚的历史渊源。

C．一些企业满足于“差不多”“过得去”，导致我国虽是制造大国，却算不上制造强国，高端产品全部依赖进口。

D．作者认为，工匠精神的缺失深层次看是价值观念问题，与社会上弥漫的浮躁之风有着密切的关系。

（2）下列对原文论证的相关分析，不正确的一项是（　　）

A．文章先阐释工匠精神的内涵，再追溯其历史渊源，接着分析其式微的现象与原因，最后提出重拾的路径。

B．文章引用老技师的话，生动地说明了手艺需要长期积累、容不得半点虚假的道理，增强了论证的感染力。

C．文章列举德国、日本的例子，意在说明只有学习国外经验才能培育出真正的工匠精神。

D．文章第⑥段列举了多个领域“大国工匠”的事例，论证了工匠精神正在重新回归这一观点。

（3）文中画线句子在论证中起到了什么作用？请结合上下文简要分析。

（4）结合全文，谈谈在新时代我们应该如何培育和弘扬工匠精神。

阅读下面的文字，完成下面小题。

①读书是一个人精神成长的重要途径，也是一个民族文化传承的重要方式。古人云：“腹有诗书气自华。”一个热爱阅读的人，往往具有开阔的视野、丰富的内心和高雅的气质；一个热爱阅读的民族，往往拥有深厚的文化底蕴和强大的创新活力。正因如此，倡导全民阅读、建设书香社会，已经成为当下社会各界的广泛共识。

②然而，随着互联网和智能手机的迅速普及，人们的阅读方式正在发生深刻的变化。越来越多的人习惯于在手机上浏览新闻、刷朋友圈、看短视频，碎片化、浅表化的“浏览”逐渐取代了系统化、深层次的“阅读”。有人担心，这种快餐式的阅读虽然能够在短时间内获取大量信息，却难以让人沉下心来思考，长此以往，必将削弱人们的专注力和思辨力。

③也有人认为，数字阅读并非洪水猛兽。电子书、有声书、网络课程等新的阅读形态，打破了时间和空间的限制，让人们可以随时随地获取知识；海量的数字资源降低了阅读的门槛，让偏远地区的孩子也能读到优质的图书。从这个意义上说，技术的进步为全民阅读提供了前所未有的便利，关键在于我们如何善加利用。

④事实上，阅读的价值并不取决于载体，而取决于阅读的质量。无论是捧读纸质书籍，还是手握电子屏幕，只要能够静下心来，与作者展开深入的对话，在字里行间体味思想的深度和情感的温度，就是有意义的阅读。反之，即便手捧经典，若只是走马观花、浅尝辄止，也难以真正有所收获。

⑤提升阅读的质量，首先要选择好书。当今时代，出版物数量空前繁多，其中难免良莠不齐。读者应当擦亮眼睛，多读经过时间检验的经典之作，多读能够启迪思想、涵养心灵的优秀作品，而不是一味追逐畅销榜上的热门读物。读一本好书，就是和许多高尚的人谈话。好书如良师益友，能够陪伴我们走过人生的每一个阶段。

⑥其次，要养成良好的阅读习惯。阅读贵在坚持，一曝十寒难有成效。我们不妨每天留出一段固定的时间，远离喧嚣，专心读书；不妨在阅读时做一些笔记，记下触动自己的句子和思考；不妨与朋友分享读书心得，在交流中加深理解。久而久之，阅读就会从一种任务变成一种需要，从一种习惯变成一种生活方式。

⑦建设书香社会，还需要政府、学校、家庭和社会各方形成合力。要加大公共文化设施建设力度，让图书馆、书店、农家书屋走进千家万户；要把阅读纳入学校教育的重要内容，从小培养孩子的阅读兴趣；要鼓励家长以身作则，营造浓厚的家庭读书氛围。当读书成为一种风尚，我们的社会必将更加文明，我们的民族必将更有力量。

（选自 2016 年 4 月 20 日《人民日报》，有删改）

（1）下列对文章相关内容的理解和分析，不正确的一项是（　　）

A．一个热爱阅读的民族往往拥有深厚的文化底蕴和强大的创新活力，因此倡导全民阅读已经成为社会共识。

B．碎片化、浅表化的“浏览”逐渐取代系统化、深层次的“阅读”，这是互联网普及带来的阅读方式的变化。

C．数字阅读打破了时间和空间的限制，降低了阅读的门槛，所以数字阅读的价值要高于传统的纸质阅读。

D．作者认为，阅读的价值并不取决于载体，而取决于阅读的质量，关键在于能否与作者展开深入的对话。

（2）下列对原文论证的相关分析，不正确的一项是（　　）

A．文章开篇引用古人名言，从个人和民族两个层面论述了阅读的重要意义，为下文的论述奠定了基础。

B．文章第②③段分别呈现了人们对数字阅读的两种不同看法，体现了作者分析问题的客观与全面。

C．文章第⑤⑥段运用并列式结构，从选择好书和养成习惯两个方面论述了如何提升阅读的质量。

D．文章结尾从政府、学校、家庭等方面提出建议，主要采用了对比论证的方法，使论证更加有力。

（3）文中第⑤段画线句子有什么含义？请结合文章内容简要分析。

（4）面对数字化时代的阅读变革，你认为中学生应当怎样读书？请结合全文谈谈你的看法。

阅读下面的文字，完成下面小题。

①“工匠精神”一词近年来频频出现在公众视野之中，成为社会各界热议的话题。所谓工匠精神，是指工匠对自己的产品精雕细琢、精益求精、追求完美的精神理念。它不仅体现为一种技艺上的追求，更体现为一种敬业的职业态度和执着的人生境界。从古至今，我国涌现出无数技艺精湛的能工巧匠，他们用一双双巧手创造了令世人惊叹的器物，也为后人留下了代代相传的宝贵精神财富。

②在中国传统文化中，工匠精神有着深厚的历史渊源。《诗经》中“如切如磋，如琢如磨”的诗句，描述的正是古代工匠加工骨器、玉石时反复打磨的工作状态；庄子笔下庖丁解牛“游刃有余”，讲述的是技艺达到出神入化境界的故事。这些记载告诉我们，工匠精神从来不是舶来品，而是中华民族绵延数千年的文化基因。鲁班、李春、黄道婆、宋应星等名匠的事迹，至今仍为人们津津乐道，他们身上所体现的专注与坚守，是我们民族精神中不可或缺的组成部分。

③然而，在相当长的一段时间里，工匠精神在我们的社会生活中却渐渐式微。一些企业热衷于追求短期利益，满足于“差不多”“过得去”，产品质量难以得到保证；一些年轻人不愿意从事技术工作，认为当工人“没出息”“没前途”；一些地方重学历轻技能，职业教育长期处于边缘地位。这些现象的存在，使得我国虽然已经成为制造大国，却还算不上制造强国，许多高端产品和关键零部件依然依赖进口。

④工匠精神的缺失，表面上看是技术问题，深层次看则是价值观念问题。在追求速度与规模的发展阶段，“快”往往比“好”更受青睐，“量”往往比“质”更受重视。当浮躁之风弥漫于社会各个角落，愿意沉下心来打磨一件产品、钻研一门技艺的人自然越来越少。正如一位老技师所说：“手艺是一辈子的事，急不得，也骗不得。”

⑤放眼世界，凡是制造业发达的国家，无不高度重视工匠精神的培育与传承。德国的“双元制”职业教育培养了大批高素质技术工人，使“德国制造”成为高品质的代名词；日本许多百年老店几代人只专注于一件产品，把简单的事情做到极致。他们的经验表明，一个国家的制造水平，归根到底取决于千千万万劳动者的技能素质和职业精神。

⑥令人欣喜的是，近年来工匠精神正在重新回归。从航天领域的焊接专家，到高铁车间的研磨能手，从深海探测的装配工人，到乡村作坊的非遗传承人，越来越多的“大国工匠”走进公众视野，他们数十年如一日地坚守岗位，以极致的专注诠释着平凡中的伟大。政府工作报告明确提出要“培育精益求精的工匠精神”，更是释放出重视技能、崇尚实干的鲜明信号。

⑦重拾工匠精神，需要全社会共同努力。对企业而言，要摒弃浮躁心态，把质量视为生命，耐得住寂寞，守得住初心；对个人而言，要热爱本职工作，专注于每一道工序、每一个细节，在平凡的岗位上追求卓越；对社会而言，要营造尊重劳动、尊重技能、尊重人才的良好氛围，完善技能人才的培养、评价和激励机制，让工匠精神在新时代焕发出更加夺目的光彩。

（选自 2016 年 11 月 20 日《人民日报》，有删改）

（1）下列对文章相关内容的理解和分析，不正确的一项是（　　）

A．工匠精神是指工匠对自己的产品精雕细琢、精益求精、追求完美的精神理念，它既是技艺追求，也是职业态度。

B．《诗经》中“如切如磋，如琢如磨”的诗句和庖丁解牛的故事，都说明工匠精神在我国有着深厚的历史渊源。

C．一些企业满足于“差不多”“过得去”，导致我国虽是制造大国，却算不上制造强国，高端产品全部依赖进口。

D．作者认为，工匠精神的缺失深层次看是价值观念问题，与社会上弥漫的浮躁之风有着密切的关系。

（2）下列对原文论证的相关分析，不正确的一项是（　　）

A．文章先阐释工匠精神的内涵，再追溯其历史渊源，接着分析其式微的现象与原因，最后提出重拾的路径。

B．文章引用老技师的话，生动地说明了手艺需要长期积累、容不得半点虚假的道理，增强了论证的感染力。

C．文章列举德国、日本的例子，意在说明只有学习国外经验才能培育出真正的工匠精神。

D．文章第⑥段列举了多个领域“大国工匠”的事例，论证了工匠精神正在重新回归这一观点。

（3）文中画线句子在论证中起到了什么作用？请结合上下文简要分析。

（4）结合全文，谈谈在新时代我们应该如何培育和弘扬工匠精神。

阅读下面的文字，完成下面小题。

①读书是一个人精神成长的重要途径，也是一个民族文化传承的重要方式。古人云：“腹有诗书气自华。”一个热爱阅读的人，往往具有开阔的视野、丰富的内心和高雅的气质；一个热爱阅读的民族，往往拥有深厚的文化底蕴和强大的创新活力。正因如此，倡导全民阅读、建设书香社会，已经成为当下社会各界的广泛共识。

②然而，随着互联网和智能手机的迅速普及，人们的阅读方式正在发生深刻的变化。越来越多的人习惯于在手机上浏览新闻、刷朋友圈、看短视频，碎片化、浅表化的“浏览”逐渐取代了系统化、深层次的“阅读”。有人担心，这种快餐式的阅读虽然能够在短时间内获取大量信息，却难以让人沉下心来思考，长此以往，必将削弱人们的专注力和思辨力。

③也有人认为，数字阅读并非洪水猛兽。电子书、有声书、网络课程等新的阅读形态，打破了时间和空间的限制，让人们可以随时随地获取知识；海量的数字资源降低了阅读的门槛，让偏远地区的孩子也能读到优质的图书。从这个意义上说，技术的进步为全民阅读提供了前所未有的便利，关键在于我们如何善加利用。

④事实上，阅读的价值并不取决于载体，而取决于阅读的质量。无论是捧读纸质书籍，还是手握电子屏幕，只要能够静下心来，与作者展开深入的对话，在字里行间体味思想的深度和情感的温度，就是有意义的阅读。反之，即便手捧经典，若只是走马观花、浅尝辄止，也难以真正有所收获。

⑤提升阅读的质量，首先要选择好书。当今时代，出版物数量空前繁多，其中难免良莠不齐。读者应当擦亮眼睛，多读经过时间检验的经典之作，多读能够启迪思想、涵养心灵的优秀作品，而不是一味追逐畅销榜上的热门读物。读一本好书，就是和许多高尚的人谈话。好书如良师益友，能够陪伴我们走过人生的每一个阶段。

⑥其次，要养成良好的阅读习惯。阅读贵在坚持，一曝十寒难有成效。我们不妨每天留出一段固定的时间，远离喧嚣，专心读书；不妨在阅读时做一些笔记，记下触动自己的句子和思考；不妨与朋友分享读书心得，在交流中加深理解。久而久之，阅读就会从一种任务变成一种需要，从一种习惯变成一种生活方式。

⑦建设书香社会，还需要政府、学校、家庭和社会各方形成合力。要加大公共文化设施建设力度，让图书馆、书店、农家书屋走进千家万户；要把阅读纳入学校教育的重要内容，从小培养孩子的阅读兴趣；要鼓励家长以身作则，营造浓厚的家庭读书氛围。当读书成为一种风尚，我们的社会必将更加文明，我们的民族必将更有力量。

（选自 2016 年 4 月 20 日《人民日报》，有删改）

（1）下列对文章相关内容的理解和分析，不正确的一项是（　　）

A．一个热爱阅读的民族往往拥有深厚的文化底蕴和强大的创新活力，因此倡导全民阅读已经成为社会共识。

B．碎片化、浅表化的“浏览”逐渐取代系统化、深层次的“阅读”，这是互联网普及带来的阅读方式的变化。

C．数字阅读打破了时间和空间的限制，降低了阅读的门槛，所以数字阅读的价值要高于传统的纸质阅读。

D．作者认为，阅读的价值并不取决于载体，而取决于阅读的质量，关键在于能否与作者展开深入的对话。

（2）下列对原文论证的相关分析，不正确的一项是（　　）

A．文章开篇引用古人名言，从个人和民族两个层面论述了阅读的重要意义，为下文的论述奠定了基础。

B．文章第②③段分别呈现了人们对数字阅读的两种不同看法，体现了作者分析问题的客观与全面。

C．文章第⑤⑥段运用并列式结构，从选择好书和养成习惯两个方面论述了如何提升阅读的质量。

D．文章结尾从政府、学校、家庭等方面提出建议，主要采用了对比论证的方法，使论证更加有力。

（3）文中第⑤段画线句子有什么含义？请结合文章内容简要分析。

（4）面对数字化时代的阅读变革，你认为中学生应当怎样读书？请结合全文谈谈你的看法。

阅读下面的文字，完成下面小题。

①“工匠精神”一词近年来频频出现在公众视野之中，成为社会各界热议的话题。所谓工匠精神，是指工匠对自己的产品精雕细琢、精益求精、追求完美的精神理念。它不仅体现为一种技艺上的追求，更体现为一种敬业的职业态度和执着的人生境界。从古至今，我国涌现出无数技艺精湛的能工巧匠，他们用一双双巧手创造了令世人惊叹的器物，也为后人留下了代代相传的宝贵精神财富。

②在中国传统文化中，工匠精神有着深厚的历史渊源。《诗经》中“如切如磋，如琢如磨”的诗句，描述的正是古代工匠加工骨器、玉石时反复打磨的工作状态；庄子笔下庖丁解牛“游刃有余”，讲述的是技艺达到出神入化境界的故事。这些记载告诉我们，工匠精神从来不是舶来品，而是中华民族绵延数千年的文化基因。鲁班、李春、黄道婆、宋应星等名匠的事迹，至今仍为人们津津乐道，他们身上所体现的专注与坚守，是我们民族精神中不可或缺的组成部分。

③然而，在相当长的一段时间里，工匠精神在我们的社会生活中却渐渐式微。一些企业热衷于追求短期利益，满足于“差不多”“过得去”，产品质量难以得到保证；一些年轻人不愿意从事技术工作，认为当工人“没出息”“没前途”；一些地方重学历轻技能，职业教育长期处于边缘地位。这些现象的存在，使得我国虽然已经成为制造大国，却还算不上制造强国，许多高端产品和关键零部件依然依赖进口。

④工匠精神的缺失，表面上看是技术问题，深层次看则是价值观念问题。在追求速度与规模的发展阶段，“快”往往比“好”更受青睐，“量”往往比“质”更受重视。当浮躁之风弥漫于社会各个角落，愿意沉下心来打磨一件产品、钻研一门技艺的人自然越来越少。正如一位老技师所说：“手艺是一辈子的事，急不得，也骗不得。”

⑤放眼世界，凡是制造业发达的国家，无不高度重视工匠精神的培育与传承。德国的“双元制”职业教育培养了大批高素质技术工人，使“德国制造”成为高品质的代名词；日本许多百年老店几代人只专注于一件产品，把简单的事情做到极致。他们的经验表明，一个国家的制造水平，归根到底取决于千千万万劳动者的技能素质和职业精神。

⑥令人欣喜的是，近年来工匠精神正在重新回归。从航天领域的焊接专家，到高铁车间的研磨能手，从深海探测的装配工人，到乡村作坊的非遗传承人，越来越多的“大国工匠”走进公众视野，他们数十年如一日地坚守岗位，以极致的专注诠释着平凡中的伟大。政府工作报告明确提出要“培育精益求精的工匠精神”，更是释放出重视技能、崇尚实干的鲜明信号。

⑦重拾工匠精神，需要全社会共同努力。对企业而言，要摒弃浮躁心态，把质量视为生命，耐得住寂寞，守得住初心；对个人而言，要热爱本职工作，专注于每一道工序、每一个细节，在平凡的岗位上追求卓越；对社会而言，要营造尊重劳动、尊重技能、尊重人才的良好氛围，完善技能人才的培养、评价和激励机制，让工匠精神在新时代焕发出更加夺目的光彩。

（选自 2016 年 11 月 20 日《人民日报》，有删改）

（1）下列对文章相关内容的理解和分析，不正确的一项是（　　）

A．工匠精神是指工匠对自己的产品精雕细琢、精益求精、追求完美的精神理念，它既是技艺追求，也是职业态度。

B．《诗经》中“如切如磋，如琢如磨”的诗句和庖丁解牛的故事，都说明工匠精神在我国有着深厚的历史渊源。

C．一些企业满足于“差不多”“过得去”，导致我国虽是制造大国，却算不上制造强国，高端产品全部依赖进口。

D．作者认为，工匠精神的缺失深层次看是价值观念问题，与社会上弥漫的浮躁之风有着密切的关系。

（2）下列对原文论证的相关分析，不正确的一项是（　　）

A．文章先阐释工匠精神的内涵，再追溯其历史渊源，接着分析其式微的现象与原因，最后提出重拾的路径。

B．文章引用老技师的话，生动地说明了手艺需要长期积累、容不得半点虚假的道理，增强了论证的感染力。

C．文章列举德国、日本的例子，意在说明只有学习国外经验才能培育出真正的工匠精神。

D．文章第⑥段列举了多个领域“大国工匠”的事例，论证了工匠精神正在重新回归这一观点。

（3）文中画线句子在论证中起到了什么作用？请结合上下文简要分析。

（4）结合全文，谈谈在新时代我们应该如何培育和弘扬工匠精神。

阅读下面的文字，完成下面小题。

①读书是一个人精神成长的重要途径，也是一个民族文化传承的重要方式。古人云：“腹有诗书气自华。”一个热爱阅读的人，往往具有开阔的视野、丰富的内心和高雅的气质；一个热爱阅读的民族，往往拥有深厚的文化底蕴和强大的创新活力。正因如此，倡导全民阅读、建设书香社会，已经成为当下社会各界的广泛共识。

②然而，随着互联网和智能手机的迅速普及，人们的阅读方式正在发生深刻的变化。越来越多的人习惯于在手机上浏览新闻、刷朋友圈、看短视频，碎片化、浅表化的“浏览”逐渐取代了系统化、深层次的“阅读”。有人担心，这种快餐式的阅读虽然能够在短时间内获取大量信息，却难以让人沉下心来思考，长此以往，必将削弱人们的专注力和思辨力。

③也有人认为，数字阅读并非洪水猛兽。电子书、有声书、网络课程等新的阅读形态，打破了时间和空间的限制，让人们可以随时随地获取知识；海量的数字资源降低了阅读的门槛，让偏远地区的孩子也能读到优质的图书。从这个意义上说，技术的进步为全民阅读提供了前所未有的便利，关键在于我们如何善加利用。

④事实上，阅读的价值并不取决于载体，而取决于阅读的质量。无论是捧读纸质书籍，还是手握电子屏幕，只要能够静下心来，与作者展开深入的对话，在字里行间体味思想的深度和情感的温度，就是有意义的阅读。反之，即便手捧经典，若只是走马观花、浅尝辄止，也难以真正有所收获。

⑤提升阅读的质量，首先要选择好书。当今时代，出版物数量空前繁多，其中难免良莠不齐。读者应当擦亮眼睛，多读经过时间检验的经典之作，多读能够启迪思想、涵养心灵的优秀作品，而不是一味追逐畅销榜上的热门读物。读一本好书，就是和许多高尚的人谈话。好书如良师益友，能够陪伴我们走过人生的每一个阶段。

⑥其次，要养成良好的阅读习惯。阅读贵在坚持，一曝十寒难有成效。我们不妨每天留出一段固定的时间，远离喧嚣，专心读书；不妨在阅读时做一些笔记，记下触动自己的句子和思考；不妨与朋友分享读书心得，在交流中加深理解。久而久之，阅读就会从一种任务变成一种需要，从一种习惯变成一种生活方式。

⑦建设书香社会，还需要政府、学校、家庭和社会各方形成合力。要加大公共文化设施建设力度，让图书馆、书店、农家书屋走进千家万户；要把阅读纳入学校教育的重要内容，从小培养孩子的阅读兴趣；要鼓励家长以身作则，营造浓厚的家庭读书氛围。当读书成为一种风尚，我们的社会必将更加文明，我们的民族必将更有力量。

（选自 2016 年 4 月 20 日《人民日报》，有删改）

（1）下列对文章相关内容的理解和分析，不正确的一项是（　　）

A．一个热爱阅读的民族往往拥有深厚的文化底蕴和强大的创新活力，因此倡导全民阅读已经成为社会共识。

B．碎片化、浅表化的“浏览”逐渐取代系统化、深层次的“阅读”，这是互联网普及带来的阅读方式的变化。
